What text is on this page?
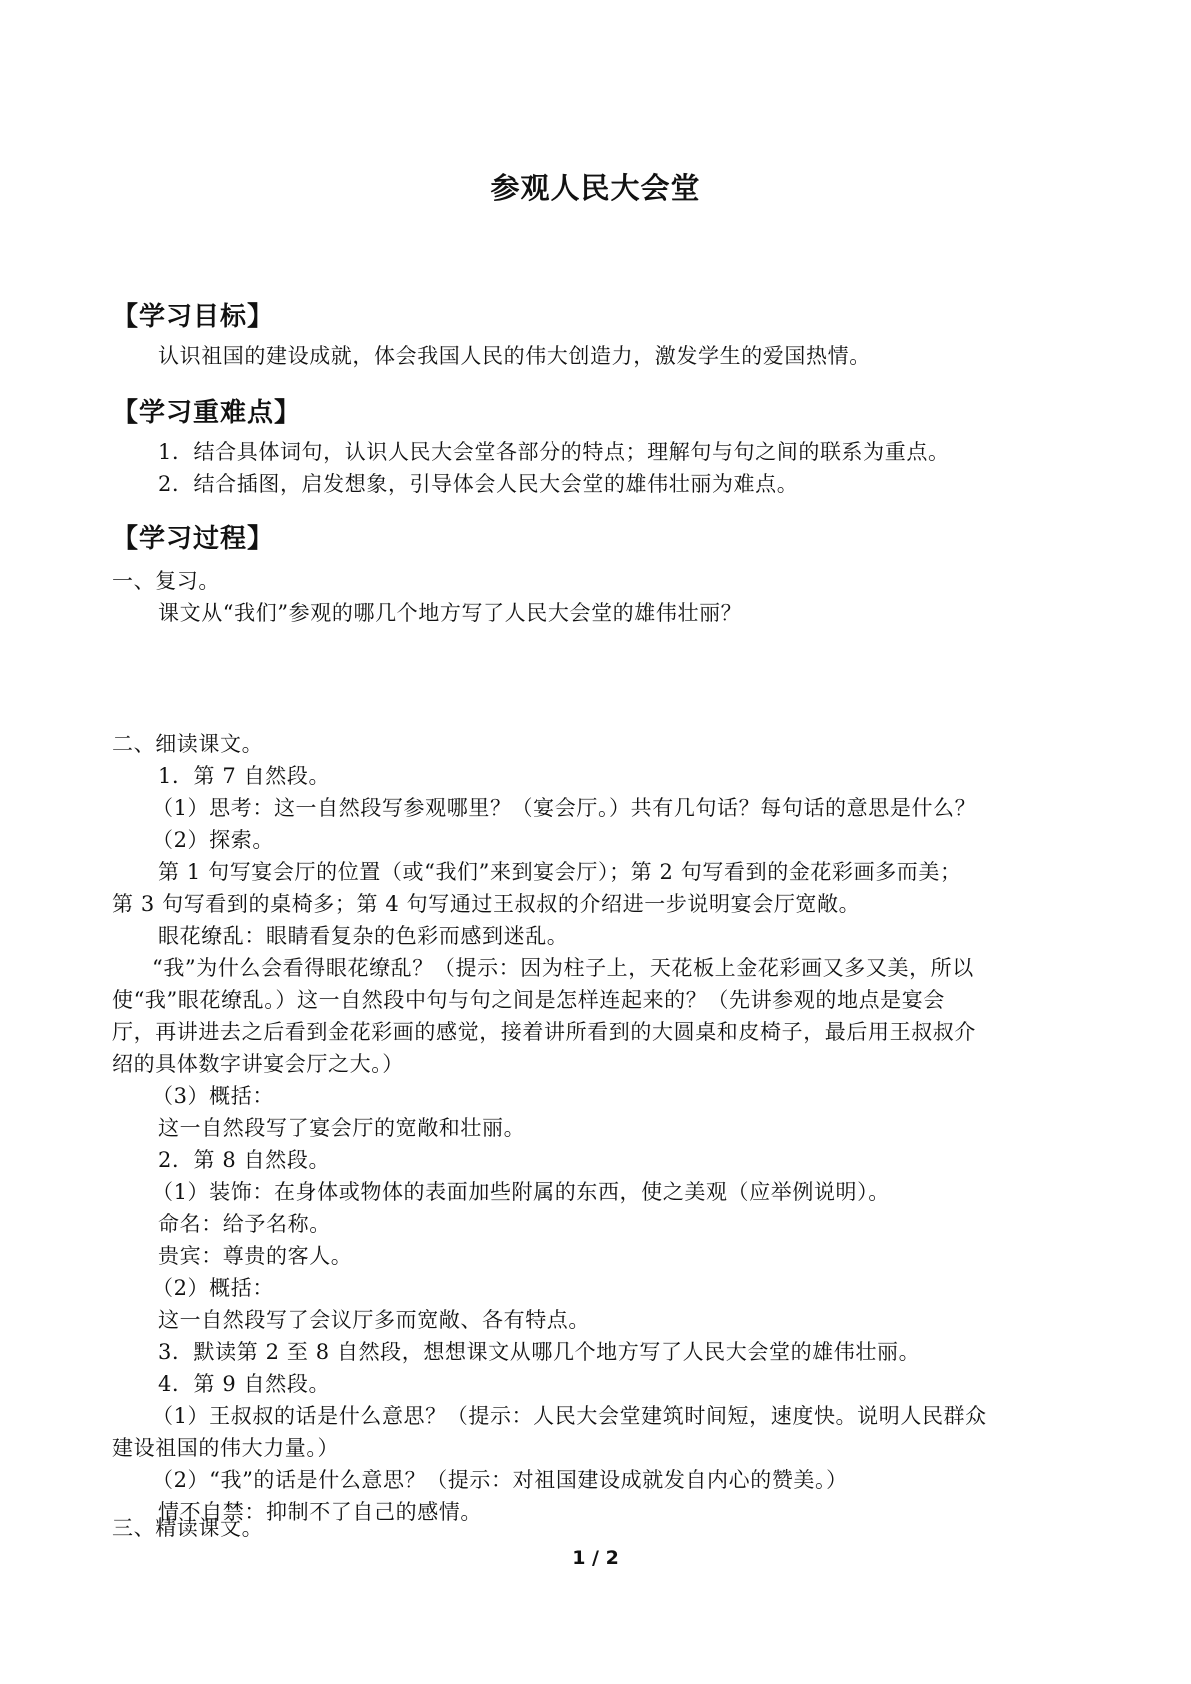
参观人民大会堂
【学习目标】
认识祖国的建设成就，体会我国人民的伟大创造力，激发学生的爱国热情。
【学习重难点】
1．结合具体词句，认识人民大会堂各部分的特点；理解句与句之间的联系为重点。
2．结合插图，启发想象，引导体会人民大会堂的雄伟壮丽为难点。
【学习过程】
一、复习。
课文从“我们”参观的哪几个地方写了人民大会堂的雄伟壮丽？
二、细读课文。
1．第 7 自然段。
（1）思考：这一自然段写参观哪里？（宴会厅。）共有几句话？每句话的意思是什么？
（2）探索。
第 1 句写宴会厅的位置（或“我们”来到宴会厅）；第 2 句写看到的金花彩画多而美；
第 3 句写看到的桌椅多；第 4 句写通过王叔叔的介绍进一步说明宴会厅宽敞。
眼花缭乱：眼睛看复杂的色彩而感到迷乱。
“我”为什么会看得眼花缭乱？（提示：因为柱子上，天花板上金花彩画又多又美，所以
使“我”眼花缭乱。）这一自然段中句与句之间是怎样连起来的？（先讲参观的地点是宴会
厅，再讲进去之后看到金花彩画的感觉，接着讲所看到的大圆桌和皮椅子，最后用王叔叔介
绍的具体数字讲宴会厅之大。）
（3）概括：
这一自然段写了宴会厅的宽敞和壮丽。
2．第 8 自然段。
（1）装饰：在身体或物体的表面加些附属的东西，使之美观（应举例说明）。
命名：给予名称。
贵宾：尊贵的客人。
（2）概括：
这一自然段写了会议厅多而宽敞、各有特点。
3．默读第 2 至 8 自然段，想想课文从哪几个地方写了人民大会堂的雄伟壮丽。
4．第 9 自然段。
（1）王叔叔的话是什么意思？（提示：人民大会堂建筑时间短，速度快。说明人民群众
建设祖国的伟大力量。）
（2）“我”的话是什么意思？（提示：对祖国建设成就发自内心的赞美。）
情不自禁：抑制不了自己的感情。
三、精读课文。
1 / 2
